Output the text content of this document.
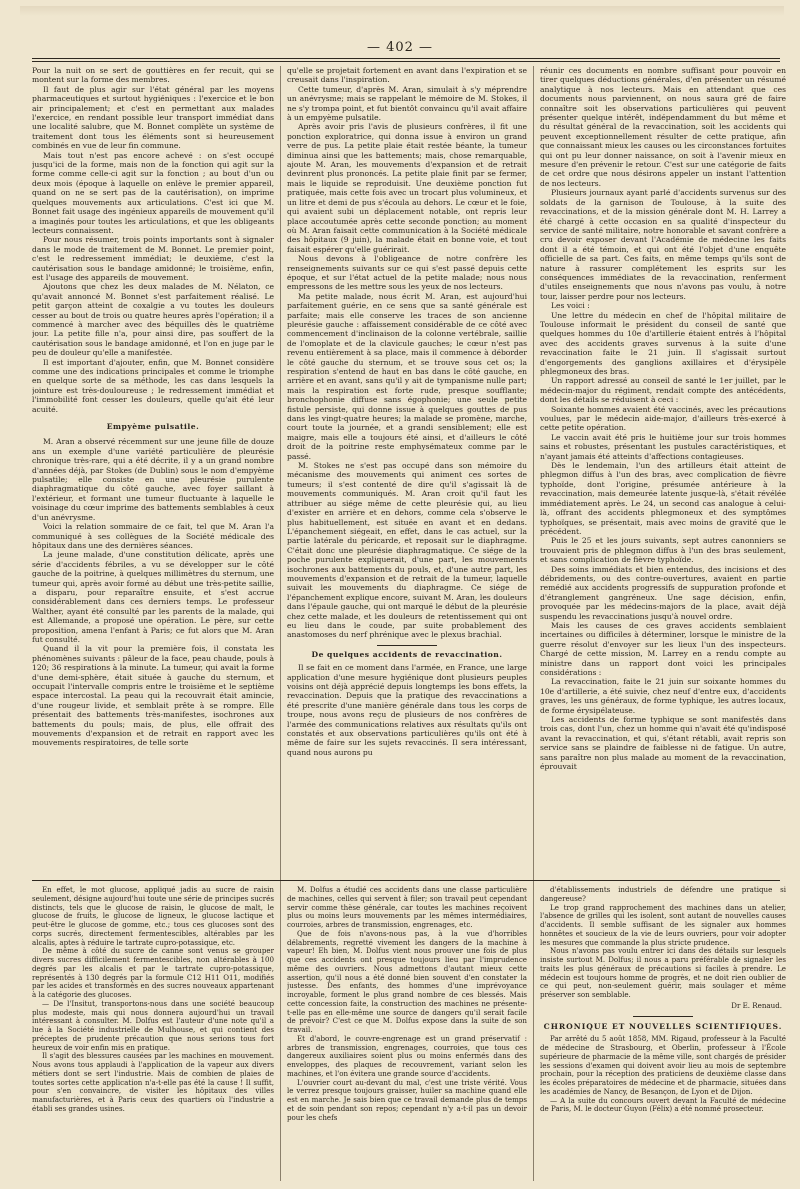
— 402 —

Pour la nuit on se sert de gouttières en fer recuit, qui se montent sur la forme des membres.

Il faut de plus agir sur l'état général par les moyens pharmaceutiques et surtout hygiéniques : l'exercice et le bon air principalement; et c'est en permettant aux malades l'exercice, en rendant possible leur transport immédiat dans une localité salubre, que M. Bonnet complète un système de traitement dont tous les éléments sont si heureusement combinés en vue de leur fin commune.

Mais tout n'est pas encore achevé : on s'est occupé jusqu'ici de la forme, mais non de la fonction qui agit sur la forme comme celle-ci agit sur la fonction ; au bout d'un ou deux mois (époque à laquelle on enlève le premier appareil, quand on ne se sert pas de la cautérisation), on imprime quelques mouvements aux articulations. C'est ici que M. Bonnet fait usage des ingénieux appareils de mouvement qu'il a imaginés pour toutes les articulations, et que les obligeants lecteurs connaissent.

Pour nous résumer, trois points importants sont à signaler dans le mode de traitement de M. Bonnet. Le premier point, c'est le redressement immédiat; le deuxième, c'est la cautérisation sous le bandage amidonné; le troisième, enfin, est l'usage des appareils de mouvement.

Ajoutons que chez les deux malades de M. Nélaton, ce qu'avait annoncé M. Bonnet s'est parfaitement réalisé. Le petit garçon atteint de coxalgie a vu toutes les douleurs cesser au bout de trois ou quatre heures après l'opération; il a commencé à marcher avec des béquilles dès le quatrième jour. La petite fille n'a, pour ainsi dire, pas souffert de la cautérisation sous le bandage amidonné, et l'on en juge par le peu de douleur qu'elle a manifestée.

Il est important d'ajouter, enfin, que M. Bonnet considère comme une des indications principales et comme le triomphe en quelque sorte de sa méthode, les cas dans lesquels la jointure est très-douloureuse ; le redressement immédiat et l'immobilité font cesser les douleurs, quelle qu'ait été leur acuité.

Empyème pulsatile.

M. Aran a observé récemment sur une jeune fille de douze ans un exemple d'une variété particulière de pleurésie chronique très-rare, qui a été décrite, il y a un grand nombre d'années déjà, par Stokes (de Dublin) sous le nom d'empyème pulsatile; elle consiste en une pleurésie purulente diaphragmatique du côté gauche, avec foyer saillant à l'extérieur, et formant une tumeur fluctuante à laquelle le voisinage du cœur imprime des battements semblables à ceux d'un anévrysme.

Voici la relation sommaire de ce fait, tel que M. Aran l'a communiqué à ses collègues de la Société médicale des hôpitaux dans une des dernières séances.

La jeune malade, d'une constitution délicate, après une série d'accidents fébriles, a vu se développer sur le côté gauche de la poitrine, à quelques millimètres du sternum, une tumeur qui, après avoir formé au début une très-petite saillie, a disparu, pour reparaître ensuite, et s'est accrue considérablement dans ces derniers temps. Le professeur Walther, ayant été consulté par les parents de la malade, qui est Allemande, a proposé une opération. Le père, sur cette proposition, amena l'enfant à Paris; ce fut alors que M. Aran fut consulté.

Quand il la vit pour la première fois, il constata les phénomènes suivants : pâleur de la face, peau chaude, pouls à 120; 36 respirations à la minute. La tumeur, qui avait la forme d'une demi-sphère, était située à gauche du sternum, et occupait l'intervalle compris entre le troisième et le septième espace intercostal. La peau qui la recouvrait était amincie, d'une rougeur livide, et semblait prête à se rompre. Elle présentait des battements très-manifestes, isochrones aux battements du pouls; mais, de plus, elle offrait des mouvements d'expansion et de retrait en rapport avec les mouvements respiratoires, de telle sorte

qu'elle se projetait fortement en avant dans l'expiration et se creusait dans l'inspiration.

Cette tumeur, d'après M. Aran, simulait à s'y méprendre un anévrysme; mais se rappelant le mémoire de M. Stokes, il ne s'y trompa point, et fut bientôt convaincu qu'il avait affaire à un empyème pulsatile.

Après avoir pris l'avis de plusieurs confrères, il fit une ponction exploratrice, qui donna issue à environ un grand verre de pus. La petite plaie était restée béante, la tumeur diminua ainsi que les battements; mais, chose remarquable, ajoute M. Aran, les mouvements d'expansion et de retrait devinrent plus prononcés. La petite plaie finit par se fermer, mais le liquide se reproduisit. Une deuxième ponction fut pratiquée, mais cette fois avec un trocart plus volumineux, et un litre et demi de pus s'écoula au dehors. Le cœur et le foie, qui avaient subi un déplacement notable, ont repris leur place accoutumée après cette seconde ponction; au moment où M. Aran faisait cette communication à la Société médicale des hôpitaux (9 juin), la malade était en bonne voie, et tout faisait espérer qu'elle guérirait.

Nous devons à l'obligeance de notre confrère les renseignements suivants sur ce qui s'est passé depuis cette époque, et sur l'état actuel de la petite malade; nous nous empressons de les mettre sous les yeux de nos lecteurs.

Ma petite malade, nous écrit M. Aran, est aujourd'hui parfaitement guérie, en ce sens que sa santé générale est parfaite; mais elle conserve les traces de son ancienne pleurésie gauche : affaissement considérable de ce côté avec commencement d'inclinaison de la colonne vertébrale, saillie de l'omoplate et de la clavicule gauches; le cœur n'est pas revenu entièrement à sa place, mais il commence à déborder le côté gauche du sternum, et se trouve sous cet os; la respiration s'entend de haut en bas dans le côté gauche, en arrière et en avant, sans qu'il y ait de tympanisme nulle part; mais la respiration est forte rude, presque soufflante; bronchophonie diffuse sans égophonie; une seule petite fistule persiste, qui donne issue à quelques gouttes de pus dans les vingt-quatre heures; la malade se promène, marche, court toute la journée, et a grandi sensiblement; elle est maigre, mais elle a toujours été ainsi, et d'ailleurs le côté droit de la poitrine reste emphysémateux comme par le passé.

M. Stokes ne s'est pas occupé dans son mémoire du mécanisme des mouvements qui animent ces sortes de tumeurs; il s'est contenté de dire qu'il s'agissait là de mouvements communiqués. M. Aran croit qu'il faut les attribuer au siége même de cette pleurésie qui, au lieu d'exister en arrière et en dehors, comme cela s'observe le plus habituellement, est située en avant et en dedans. L'épanchement siégeait, en effet, dans le cas actuel, sur la partie latérale du péricarde, et reposait sur le diaphragme. C'était donc une pleurésie diaphragmatique. Ce siége de la poche purulente expliquerait, d'une part, les mouvements isochrones aux battements du pouls, et, d'une autre part, les mouvements d'expansion et de retrait de la tumeur, laquelle suivait les mouvements du diaphragme. Ce siége de l'épanchement explique encore, suivant M. Aran, les douleurs dans l'épaule gauche, qui ont marqué le début de la pleurésie chez cette malade, et les douleurs de retentissement qui ont eu lieu dans le coude, par suite probablement des anastomoses du nerf phrénique avec le plexus brachial.

De quelques accidents de revaccination.

Il se fait en ce moment dans l'armée, en France, une large application d'une mesure hygiénique dont plusieurs peuples voisins ont déjà apprécié depuis longtemps les bons effets, la revaccination. Depuis que la pratique des revaccinations a été prescrite d'une manière générale dans tous les corps de troupe, nous avons reçu de plusieurs de nos confrères de l'armée des communications relatives aux résultats qu'ils ont constatés et aux observations particulières qu'ils ont été à même de faire sur les sujets revaccinés. Il sera intéressant, quand nous aurons pu

réunir ces documents en nombre suffisant pour pouvoir en tirer quelques déductions générales, d'en présenter un résumé analytique à nos lecteurs. Mais en attendant que ces documents nous parviennent, on nous saura gré de faire connaître soit les observations particulières qui peuvent présenter quelque intérêt, indépendamment du but même et du résultat général de la revaccination, soit les accidents qui peuvent exceptionnellement résulter de cette pratique, afin que connaissant mieux les causes ou les circonstances fortuites qui ont pu leur donner naissance, on soit à l'avenir mieux en mesure d'en prévenir le retour. C'est sur une catégorie de faits de cet ordre que nous désirons appeler un instant l'attention de nos lecteurs.

Plusieurs journaux ayant parlé d'accidents survenus sur des soldats de la garnison de Toulouse, à la suite des revaccinations, et de la mission générale dont M. H. Larrey a été chargé à cette occasion en sa qualité d'inspecteur du service de santé militaire, notre honorable et savant confrère a cru devoir exposer devant l'Académie de médecine les faits dont il a été témoin, et qui ont été l'objet d'une enquête officielle de sa part. Ces faits, en même temps qu'ils sont de nature à rassurer complétement les esprits sur les conséquences immédiates de la revaccination, renferment d'utiles enseignements que nous n'avons pas voulu, à notre tour, laisser perdre pour nos lecteurs.

Les voici :

Une lettre du médecin en chef de l'hôpital militaire de Toulouse informait le président du conseil de santé que quelques hommes du 10e d'artillerie étaient entrés à l'hôpital avec des accidents graves survenus à la suite d'une revaccination faite le 21 juin. Il s'agissait surtout d'engorgements des ganglions axillaires et d'érysipèle phlegmoneux des bras.

Un rapport adressé au conseil de santé le 1er juillet, par le médecin-major du régiment, rendait compte des antécédents, dont les détails se réduisent à ceci :

Soixante hommes avaient été vaccinés, avec les précautions voulues, par le médecin aide-major, d'ailleurs très-exercé à cette petite opération.

Le vaccin avait été pris le huitième jour sur trois hommes sains et robustes, présentant les pustules caractéristiques, et n'ayant jamais été atteints d'affections contagieuses.

Dès le lendemain, l'un des artilleurs était atteint de phlegmon diffus à l'un des bras, avec complication de fièvre typhoïde, dont l'origine, présumée antérieure à la revaccination, mais demeurée latente jusque-là, s'était révélée immédiatement après. Le 24, un second cas analogue à celui-là, offrant des accidents phlegmoneux et des symptômes typhoïques, se présentait, mais avec moins de gravité que le précédent.

Puis le 25 et les jours suivants, sept autres canonniers se trouvaient pris de phlegmon diffus à l'un des bras seulement, et sans complication de fièvre typhoïde.

Des soins immédiats et bien entendus, des incisions et des débridements, ou des contre-ouvertures, avaient en partie remédié aux accidents progressifs de suppuration profonde et d'étranglement gangréneux. Une sage décision, enfin, provoquée par les médecins-majors de la place, avait déjà suspendu les revaccinations jusqu'à nouvel ordre.

Mais les causes de ces graves accidents semblaient incertaines ou difficiles à déterminer, lorsque le ministre de la guerre résolut d'envoyer sur les lieux l'un des inspecteurs. Chargé de cette mission, M. Larrey en a rendu compte au ministre dans un rapport dont voici les principales considérations :

La revaccination, faite le 21 juin sur soixante hommes du 10e d'artillerie, a été suivie, chez neuf d'entre eux, d'accidents graves, les uns généraux, de forme typhique, les autres locaux, de forme érysipélateuse.

Les accidents de forme typhique se sont manifestés dans trois cas, dont l'un, chez un homme qui n'avait été qu'indisposé avant la revaccination, et qui, s'étant rétabli, avait repris son service sans se plaindre de faiblesse ni de fatigue. Un autre, sans paraître non plus malade au moment de la revaccination, éprouvait

En effet, le mot glucose, appliqué jadis au sucre de raisin seulement, désigne aujourd'hui toute une série de principes sucrés distincts, tels que le glucose de raisin, le glucose de malt, le glucose de fruits, le glucose de ligneux, le glucose lactique et peut-être le glucose de gomme, etc.; tous ces glucoses sont des corps sucrés, directement fermentescibles, altérables par les alcalis, aptes à réduire le tartrate cupro-potassique, etc.

De même à côté du sucre de canne sont venus se grouper divers sucres difficilement fermentescibles, non altérables à 100 degrés par les alcalis et par le tartrate cupro-potassique, représentés à 130 degrés par la formule C12 H11 O11, modifiés par les acides et transformés en des sucres nouveaux appartenant à la catégorie des glucoses.

— De l'Insitut, transportons-nous dans une société beaucoup plus modeste, mais qui nous donnera aujourd'hui un travail intéressant à consulter. M. Dolfus est l'auteur d'une note qu'il a lue à la Société industrielle de Mulhouse, et qui contient des préceptes de prudente précaution que nous serions tous fort heureux de voir enfin mis en pratique.

Il s'agit des blessures causées par les machines en mouvement. Nous avons tous applaudi à l'application de la vapeur aux divers métiers dont se sert l'industrie. Mais de combien de plaies de toutes sortes cette application n'a-t-elle pas été la cause ! Il suffit, pour s'en convaincre, de visiter les hôpitaux des villes manufacturières, et à Paris ceux des quartiers où l'industrie a établi ses grandes usines.

M. Dolfus a étudié ces accidents dans une classe particulière de machines, celles qui servent à filer; son travail peut cependant servir comme thèse générale, car toutes les machines reçoivent plus ou moins leurs mouvements par les mêmes intermédiaires, courroies, arbres de transmission, engrenages, etc.

Que de fois n'avons-nous pas, à la vue d'horribles délabrements, regretté vivement les dangers de la machine à vapeur! Eh bien, M. Dolfus vient nous prouver une fois de plus que ces accidents ont presque toujours lieu par l'imprudence même des ouvriers. Nous admettons d'autant mieux cette assertion, qu'il nous a été donné bien souvent d'en constater la justesse. Des enfants, des hommes d'une imprévoyance incroyable, forment le plus grand nombre de ces blessés. Mais cette concession faite, la construction des machines ne présente-t-elle pas en elle-même une source de dangers qu'il serait facile de prévoir? C'est ce que M. Dolfus expose dans la suite de son travail.

Et d'abord, le couvre-engrenage est un grand préservatif : arbres de transmission, engrenages, courroies, que tous ces dangereux auxiliaires soient plus ou moins enfermés dans des enveloppes, des plaques de recouvrement, variant selon les machines, et l'on évitera une grande source d'accidents.

L'ouvrier court au-devant du mal, c'est une triste vérité. Vous le verrez presque toujours graisser, huiler sa machine quand elle est en marche. Je sais bien que ce travail demande plus de temps et de soin pendant son repos; cependant n'y a-t-il pas un devoir pour les chefs

d'établissements industriels de défendre une pratique si dangereuse?

Le trop grand rapprochement des machines dans un atelier, l'absence de grilles qui les isolent, sont autant de nouvelles causes d'accidents. Il semble suffisant de les signaler aux hommes honnêtes et soucieux de la vie de leurs ouvriers, pour voir adopter les mesures que commande la plus stricte prudence.

Nous n'avons pas voulu entrer ici dans des détails sur lesquels insiste surtout M. Dolfus; il nous a paru préférable de signaler les traits les plus généraux de précautions si faciles à prendre. Le médecin est toujours homme de progrès, et ne doit rien oublier de ce qui peut, non-seulement guérir, mais soulager et même préserver son semblable.

Dr E. Renaud.
CHRONIQUE ET NOUVELLES SCIENTIFIQUES.

Par arrêté du 5 août 1858, MM. Rigaud, professeur à la Faculté de médecine de Strasbourg, et Oberlin, professeur à l'École supérieure de pharmacie de la même ville, sont chargés de présider les sessions d'examen qui doivent avoir lieu au mois de septembre prochain, pour la réception des praticiens de deuxième classe dans les écoles préparatoires de médecine et de pharmacie, situées dans les académies de Nancy, de Besançon, de Lyon et de Dijon.

— A la suite du concours ouvert devant la Faculté de médecine de Paris, M. le docteur Guyon (Félix) a été nommé prosecteur.
